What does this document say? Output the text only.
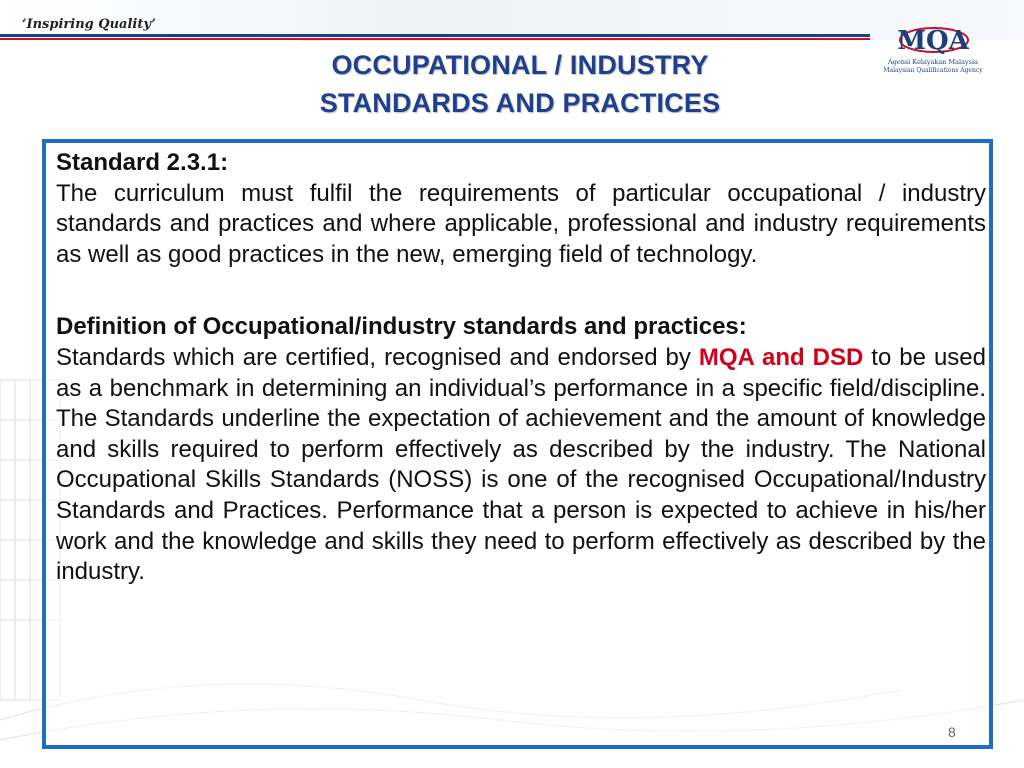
‘Inspiring Quality’
MQA
Agensi Kelayakan Malaysia
Malaysian Qualifications Agency
OCCUPATIONAL / INDUSTRY
STANDARDS AND PRACTICES

Standard 2.3.1:

The curriculum must fulfil the requirements of particular occupational / industry standards and practices and where applicable, professional and industry requirements as well as good practices in the new, emerging field of technology.

Definition of Occupational/industry standards and practices:

Standards which are certified, recognised and endorsed by MQA and DSD to be used as a benchmark in determining an individual’s performance in a specific field/discipline. The Standards underline the expectation of achievement and the amount of knowledge and skills required to perform effectively as described by the industry. The National Occupational Skills Standards (NOSS) is one of the recognised Occupational/Industry Standards and Practices. Performance that a person is expected to achieve in his/her work and the knowledge and skills they need to perform effectively as described by the industry.

8
